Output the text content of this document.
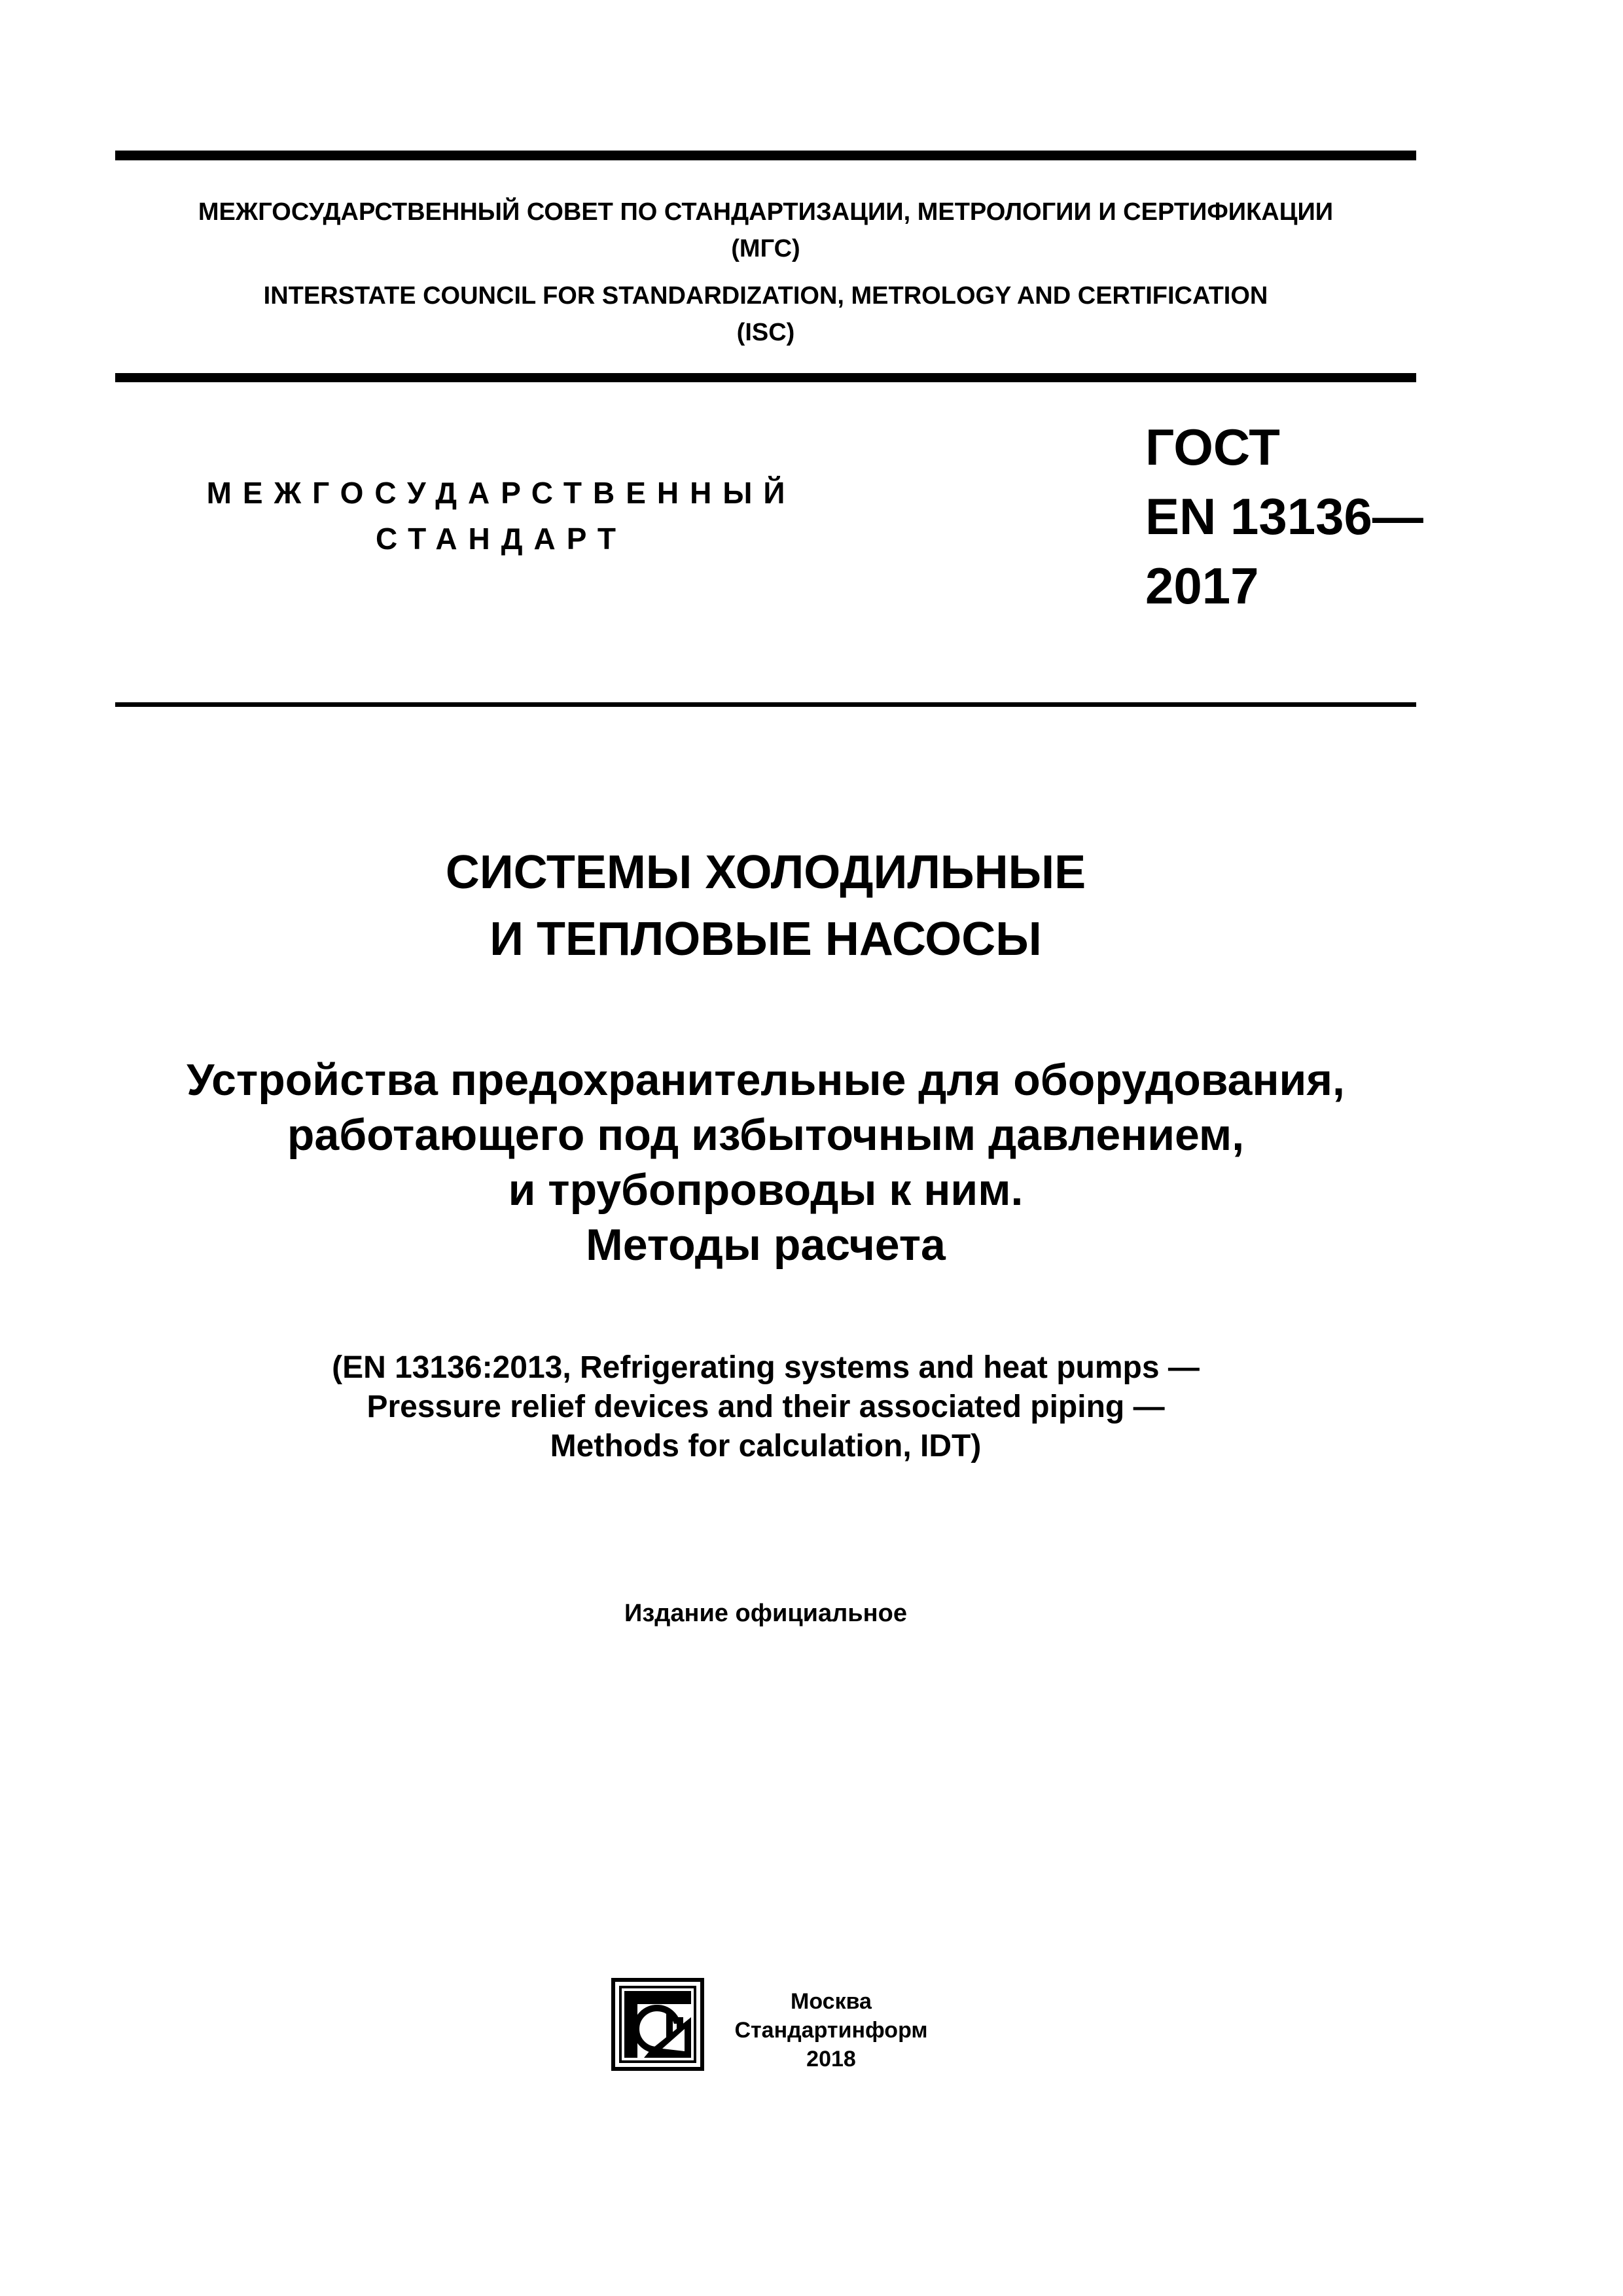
МЕЖГОСУДАРСТВЕННЫЙ СОВЕТ ПО СТАНДАРТИЗАЦИИ, МЕТРОЛОГИИ И СЕРТИФИКАЦИИ
(МГС)
INTERSTATE COUNCIL FOR STANDARDIZATION, METROLOGY AND CERTIFICATION
(ISC)
МЕЖГОСУДАРСТВЕННЫЙ
СТАНДАРТ
ГОСТ
EN 13136—
2017
СИСТЕМЫ ХОЛОДИЛЬНЫЕ
И ТЕПЛОВЫЕ НАСОСЫ
Устройства предохранительные для оборудования,
работающего под избыточным давлением,
и трубопроводы к ним.
Методы расчета
(EN 13136:2013, Refrigerating systems and heat pumps —
Pressure relief devices and their associated piping —
Methods for calculation, IDT)
Издание официальное
Москва
Стандартинформ
2018
